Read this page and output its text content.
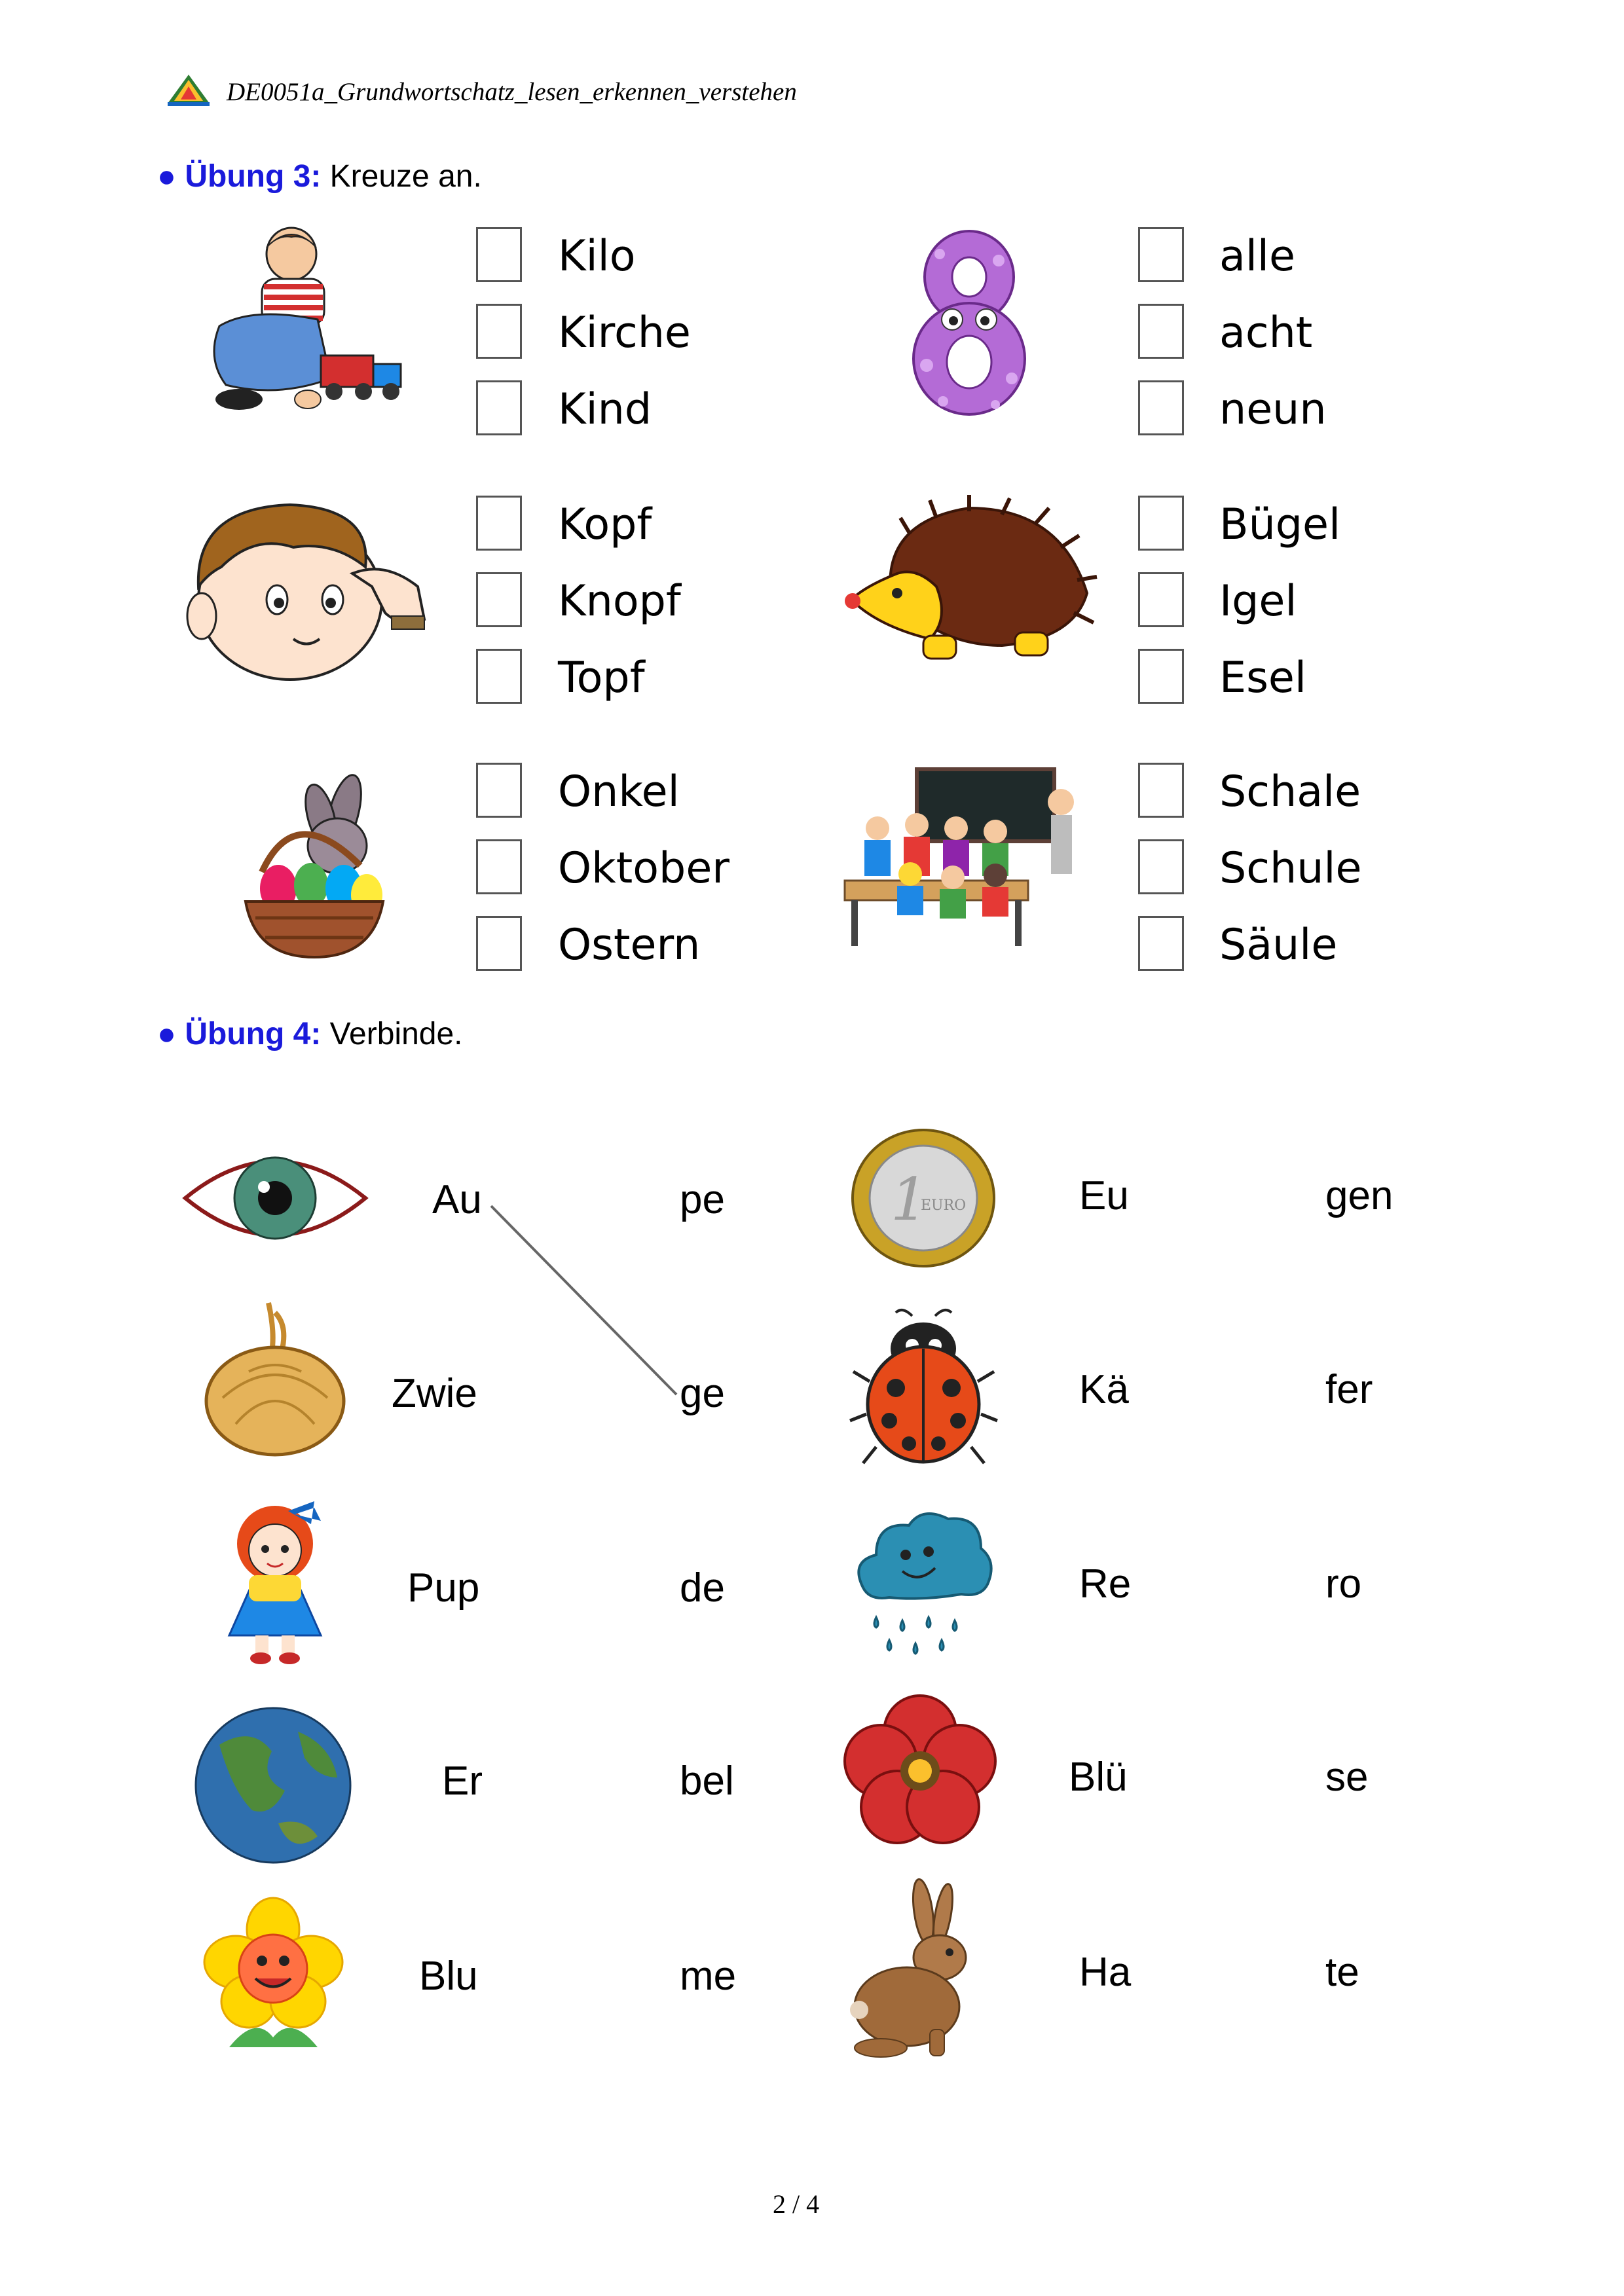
DE0051a_Grundwortschatz_lesen_erkennen_verstehen
● Übung 3: Kreuze an.
Kilo
Kirche
Kind
alle
acht
neun
Kopf
Knopf
Topf
Bügel
Igel
Esel
Onkel
Oktober
Ostern
Schale
Schule
Säule
● Übung 4: Verbinde.
1
EURO
Au	pe
Zwie	ge
Pup	de
Er	bel
Blu	me
Eu	gen
Kä	fer
Re	ro
Blü	se
Ha	te
2 / 4
